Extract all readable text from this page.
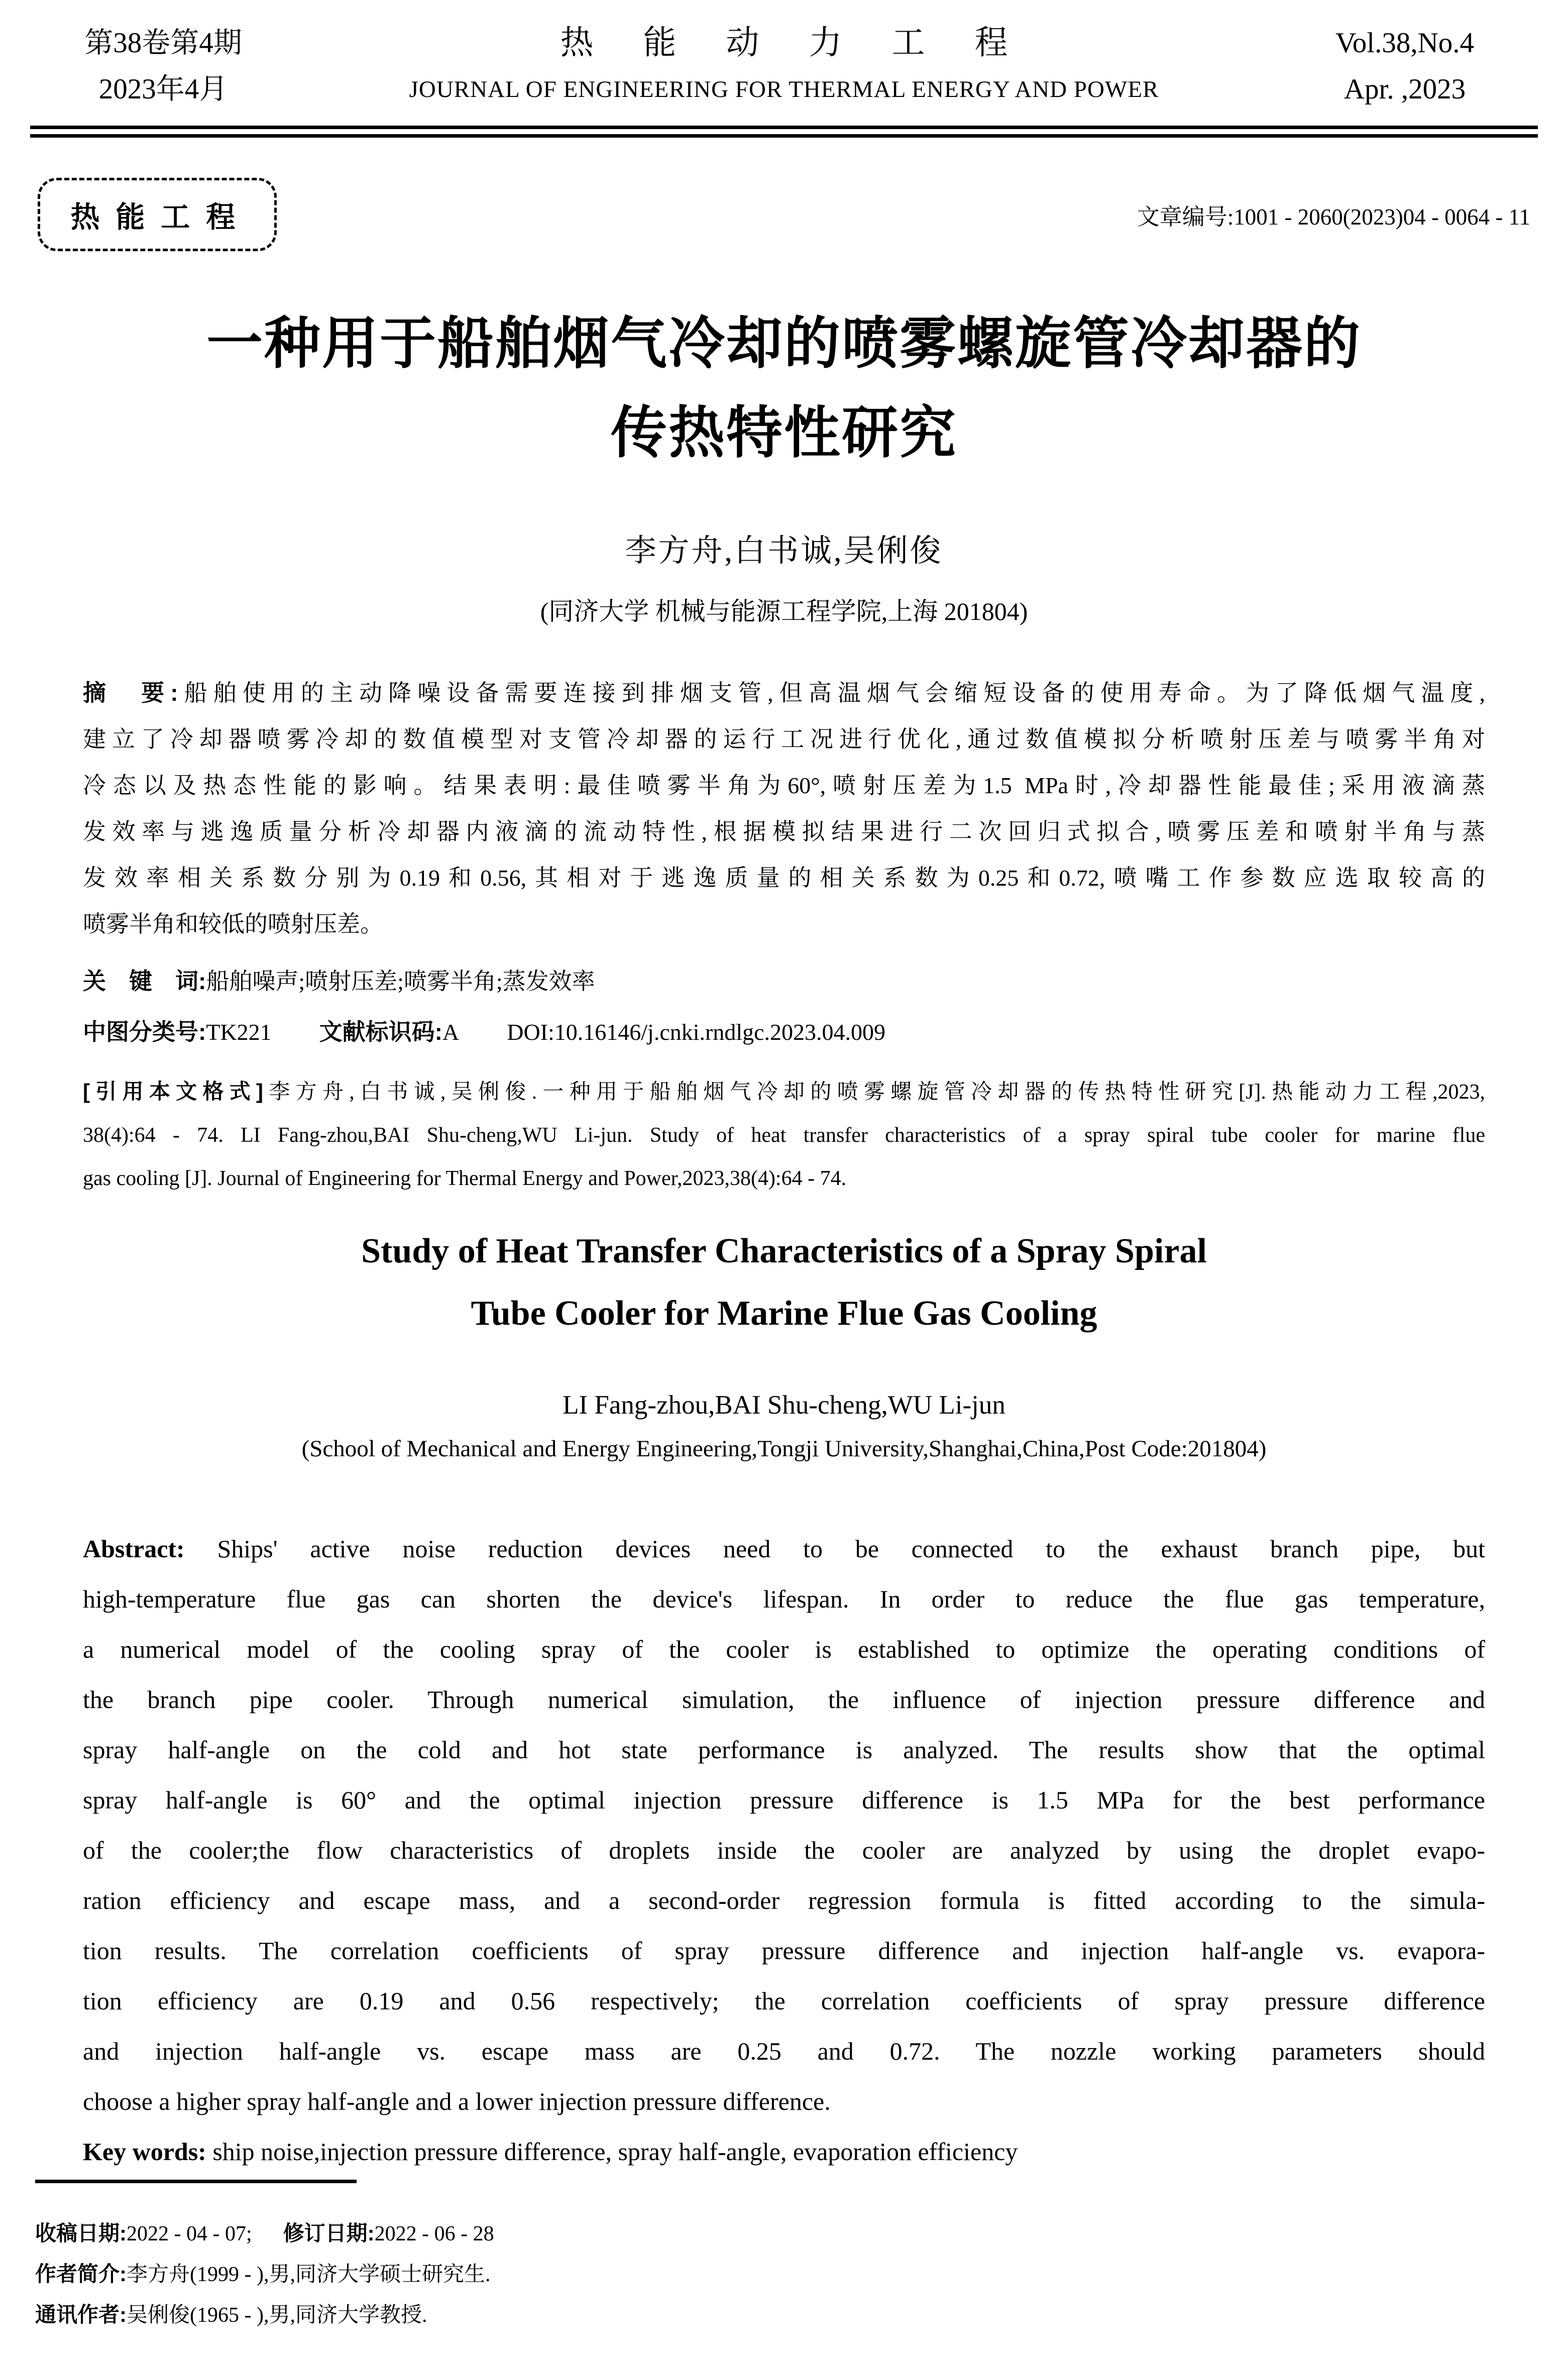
第38卷第4期
2023年4月
热能动力工程
JOURNAL OF ENGINEERING FOR THERMAL ENERGY AND POWER
Vol.38,No.4
Apr. ,2023
热能工程	文章编号:1001 - 2060(2023)04 - 0064 - 11
一种用于船舶烟气冷却的喷雾螺旋管冷却器的
传热特性研究
李方舟,白书诚,吴俐俊
(同济大学 机械与能源工程学院,上海 201804)
摘　要:船舶使用的主动降噪设备需要连接到排烟支管,但高温烟气会缩短设备的使用寿命。为了降低烟气温度,
建立了冷却器喷雾冷却的数值模型对支管冷却器的运行工况进行优化,通过数值模拟分析喷射压差与喷雾半角对
冷态以及热态性能的影响。结果表明:最佳喷雾半角为60°,喷射压差为1.5 MPa时,冷却器性能最佳;采用液滴蒸
发效率与逃逸质量分析冷却器内液滴的流动特性,根据模拟结果进行二次回归式拟合,喷雾压差和喷射半角与蒸
发效率相关系数分别为0.19和0.56,其相对于逃逸质量的相关系数为0.25和0.72,喷嘴工作参数应选取较高的
喷雾半角和较低的喷射压差。
关　键　词:船舶噪声;喷射压差;喷雾半角;蒸发效率
中图分类号:TK221 文献标识码:A DOI:10.16146/j.cnki.rndlgc.2023.04.009
[引用本文格式]李方舟,白书诚,吴俐俊.一种用于船舶烟气冷却的喷雾螺旋管冷却器的传热特性研究[J].热能动力工程,2023,
38(4):64 - 74. LI Fang-zhou,BAI Shu-cheng,WU Li-jun. Study of heat transfer characteristics of a spray spiral tube cooler for marine flue
gas cooling [J]. Journal of Engineering for Thermal Energy and Power,2023,38(4):64 - 74.
Study of Heat Transfer Characteristics of a Spray Spiral
Tube Cooler for Marine Flue Gas Cooling
LI Fang-zhou,BAI Shu-cheng,WU Li-jun
(School of Mechanical and Energy Engineering,Tongji University,Shanghai,China,Post Code:201804)
Abstract: Ships' active noise reduction devices need to be connected to the exhaust branch pipe, but
high-temperature flue gas can shorten the device's lifespan. In order to reduce the flue gas temperature,
a numerical model of the cooling spray of the cooler is established to optimize the operating conditions of
the branch pipe cooler. Through numerical simulation, the influence of injection pressure difference and
spray half-angle on the cold and hot state performance is analyzed. The results show that the optimal
spray half-angle is 60° and the optimal injection pressure difference is 1.5 MPa for the best performance
of the cooler;the flow characteristics of droplets inside the cooler are analyzed by using the droplet evapo-
ration efficiency and escape mass, and a second-order regression formula is fitted according to the simula-
tion results. The correlation coefficients of spray pressure difference and injection half-angle vs. evapora-
tion efficiency are 0.19 and 0.56 respectively; the correlation coefficients of spray pressure difference
and injection half-angle vs. escape mass are 0.25 and 0.72. The nozzle working parameters should
choose a higher spray half-angle and a lower injection pressure difference.
Key words: ship noise,injection pressure difference, spray half-angle, evaporation efficiency
收稿日期:2022 - 04 - 07; 修订日期:2022 - 06 - 28
作者简介:李方舟(1999 - ),男,同济大学硕士研究生.
通讯作者:吴俐俊(1965 - ),男,同济大学教授.
